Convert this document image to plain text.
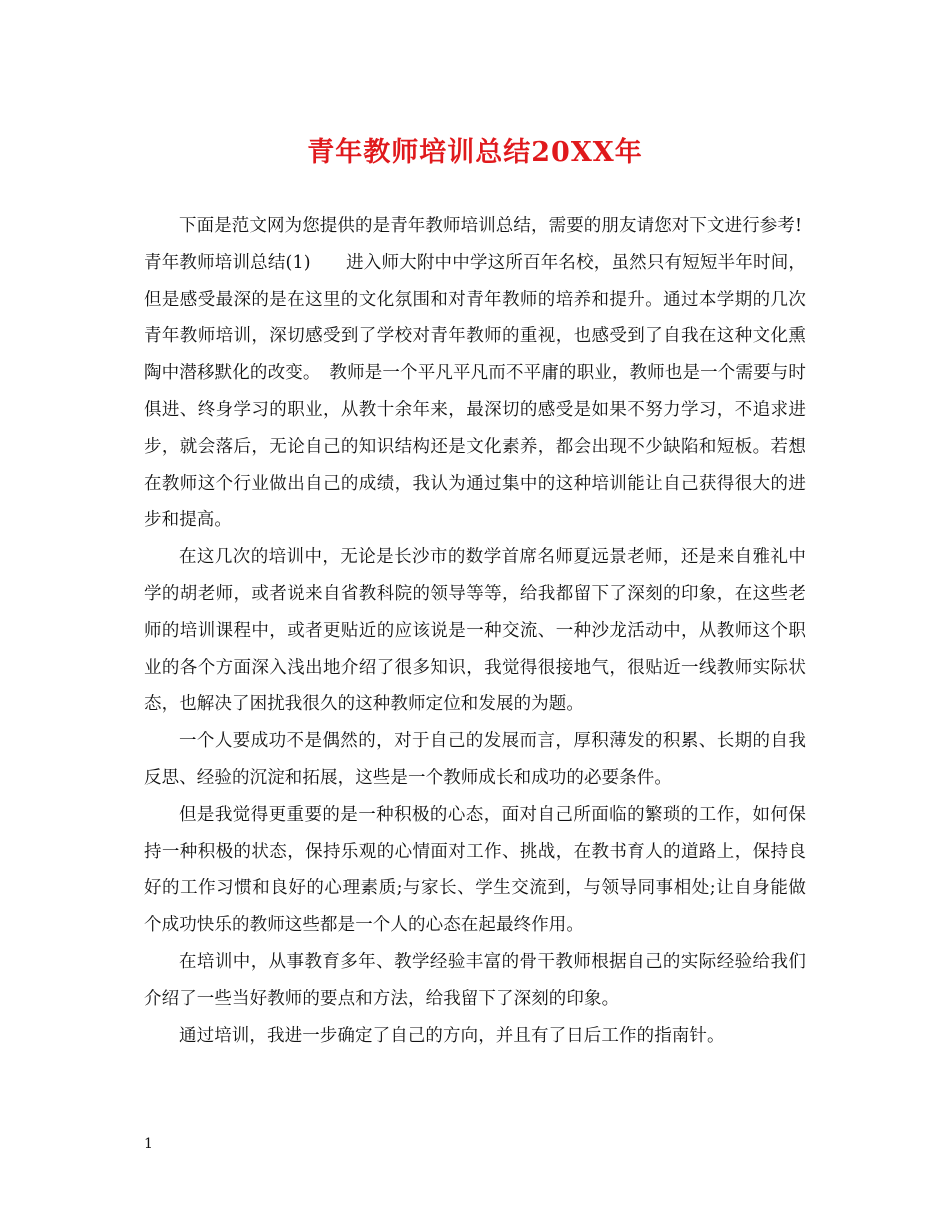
青年教师培训总结20XX年

下面是范文网为您提供的是青年教师培训总结，需要的朋友请您对下文进行参考!

青年教师培训总结(1)　　进入师大附中中学这所百年名校，虽然只有短短半年时间，但是感受最深的是在这里的文化氛围和对青年教师的培养和提升。通过本学期的几次青年教师培训，深切感受到了学校对青年教师的重视，也感受到了自我在这种文化熏陶中潜移默化的改变。　教师是一个平凡平凡而不平庸的职业，教师也是一个需要与时俱进、终身学习的职业，从教十余年来，最深切的感受是如果不努力学习，不追求进步，就会落后，无论自己的知识结构还是文化素养，都会出现不少缺陷和短板。若想在教师这个行业做出自己的成绩，我认为通过集中的这种培训能让自己获得很大的进步和提高。

在这几次的培训中，无论是长沙市的数学首席名师夏远景老师，还是来自雅礼中学的胡老师，或者说来自省教科院的领导等等，给我都留下了深刻的印象，在这些老师的培训课程中，或者更贴近的应该说是一种交流、一种沙龙活动中，从教师这个职业的各个方面深入浅出地介绍了很多知识，我觉得很接地气，很贴近一线教师实际状态，也解决了困扰我很久的这种教师定位和发展的为题。

一个人要成功不是偶然的，对于自己的发展而言，厚积薄发的积累、长期的自我反思、经验的沉淀和拓展，这些是一个教师成长和成功的必要条件。

但是我觉得更重要的是一种积极的心态，面对自己所面临的繁琐的工作，如何保持一种积极的状态，保持乐观的心情面对工作、挑战，在教书育人的道路上，保持良好的工作习惯和良好的心理素质;与家长、学生交流到，与领导同事相处;让自身能做个成功快乐的教师这些都是一个人的心态在起最终作用。

在培训中，从事教育多年、教学经验丰富的骨干教师根据自己的实际经验给我们介绍了一些当好教师的要点和方法，给我留下了深刻的印象。

通过培训，我进一步确定了自己的方向，并且有了日后工作的指南针。

1
